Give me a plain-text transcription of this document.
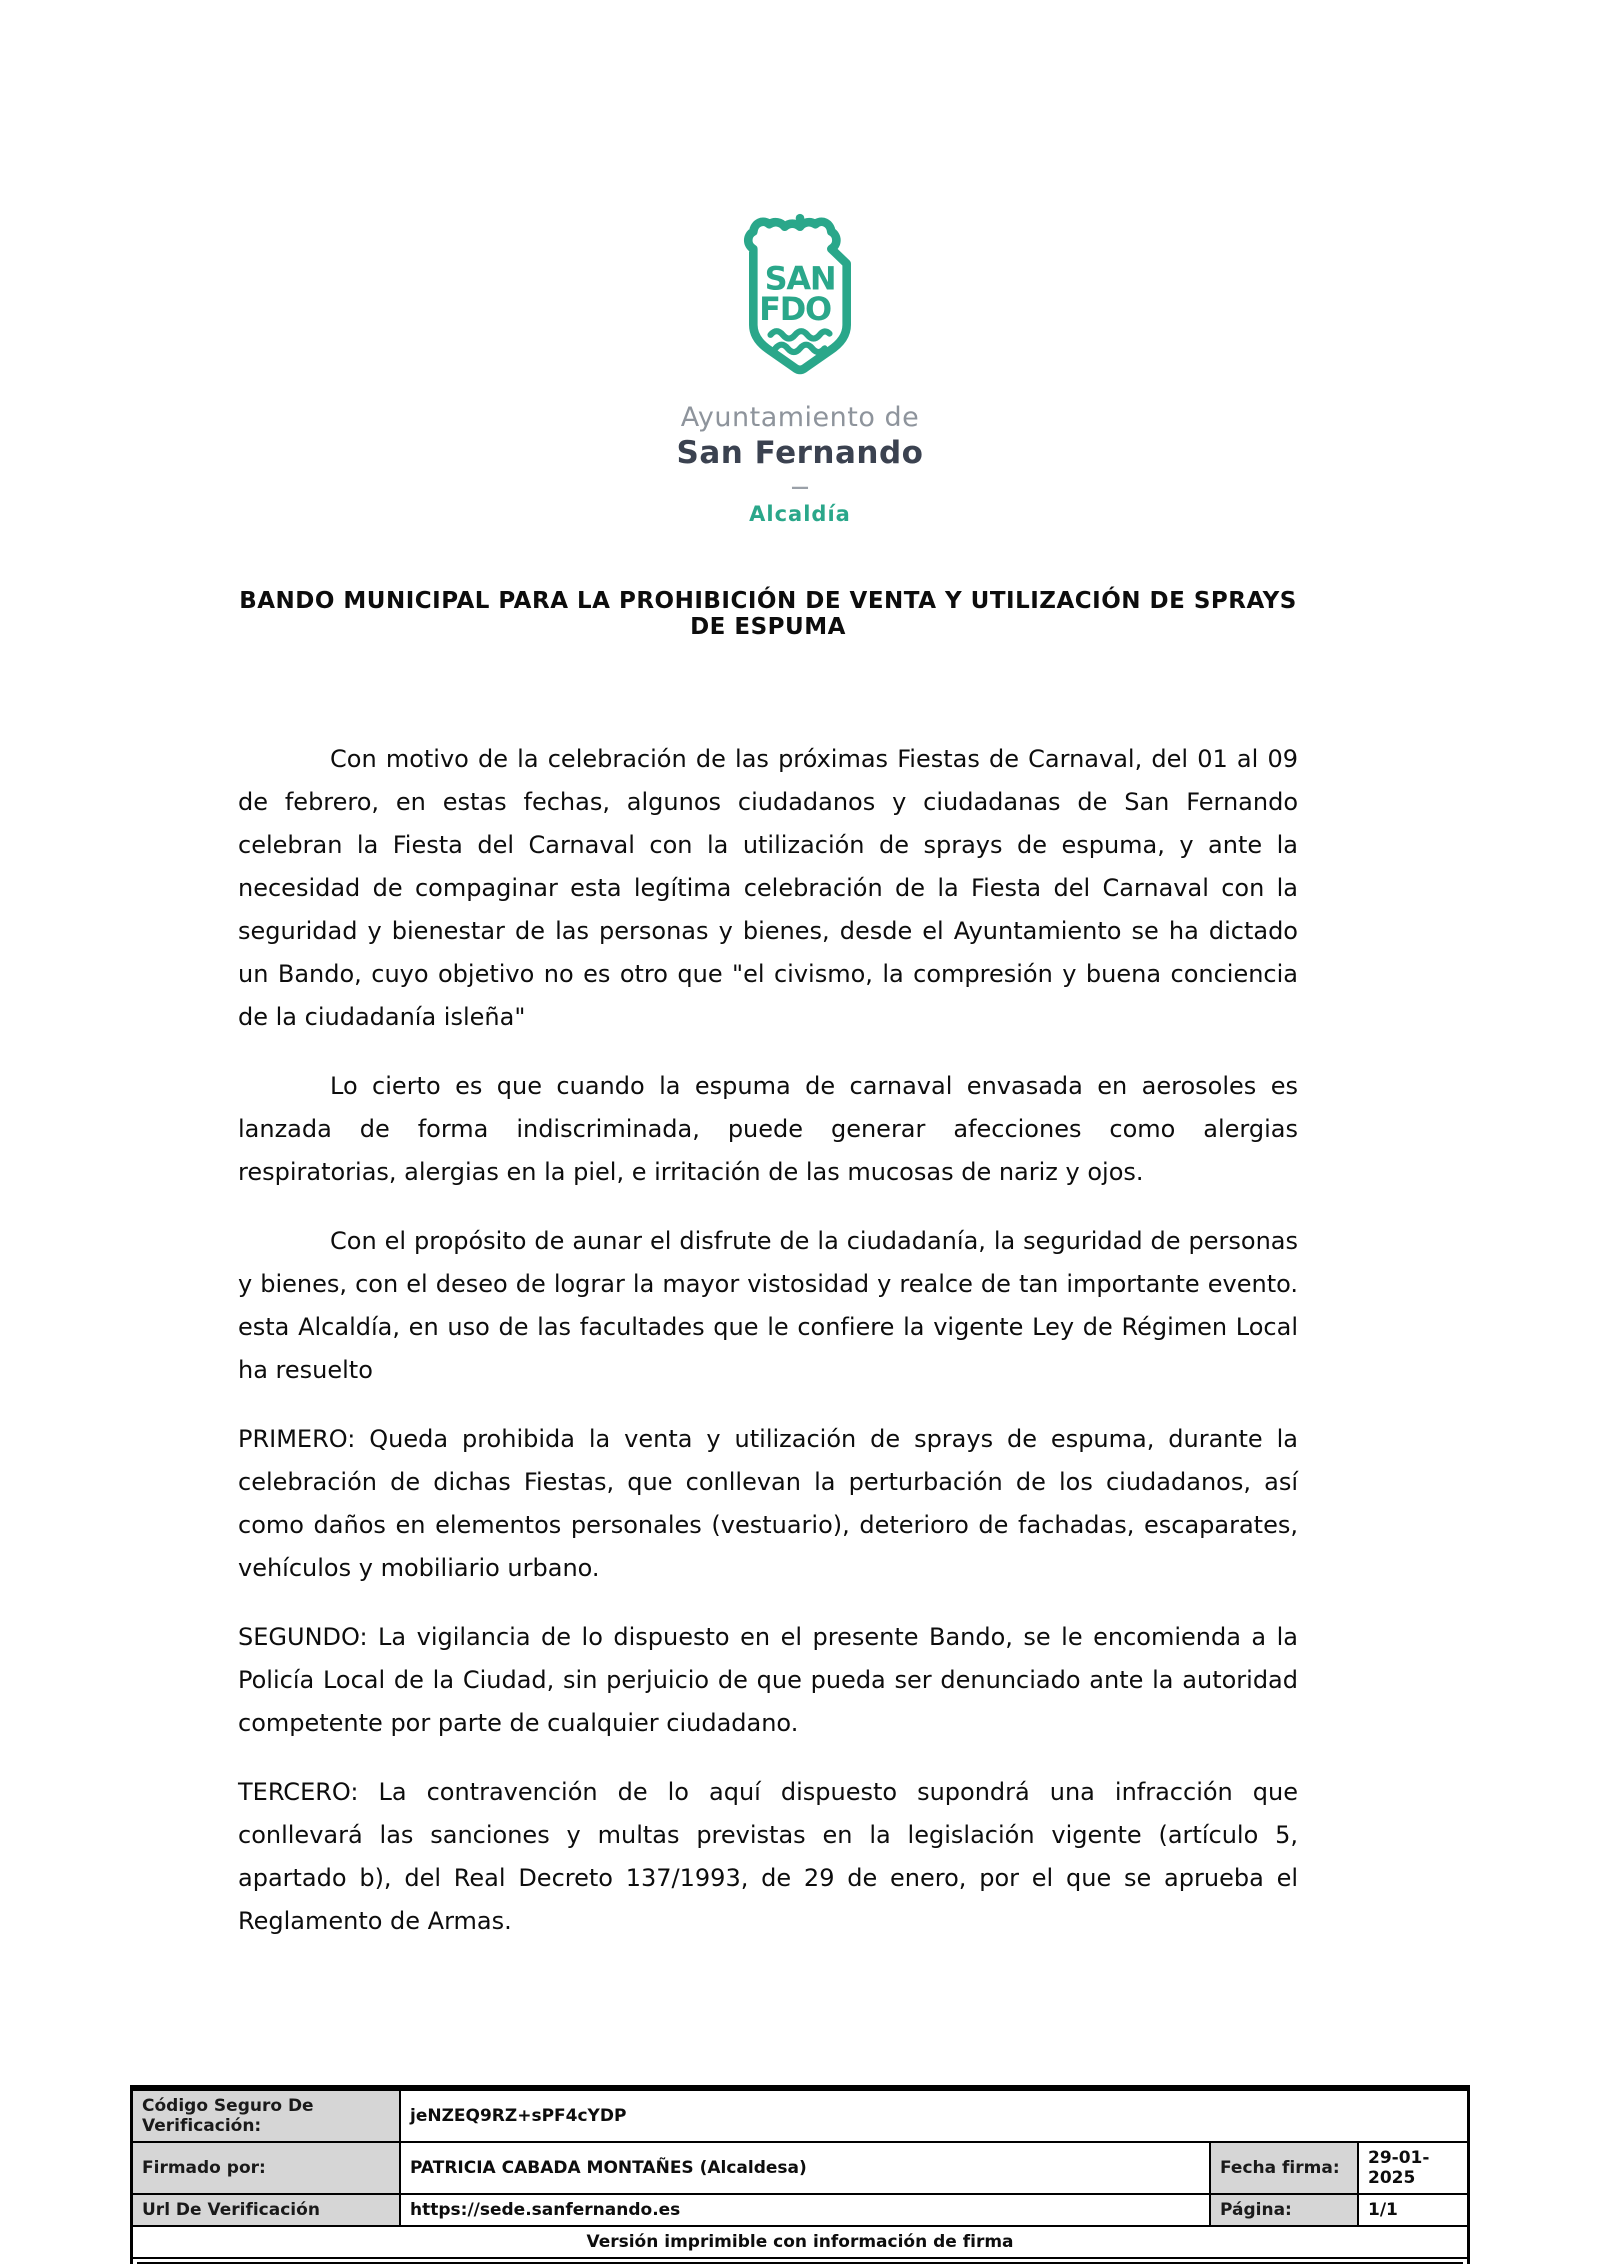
SAN
FDO
Ayuntamiento de
San Fernando
—
Alcaldía
BANDO MUNICIPAL PARA LA PROHIBICIÓN DE VENTA Y UTILIZACIÓN DE SPRAYS DE ESPUMA

Con motivo de la celebración de las próximas Fiestas de Carnaval, del 01 al 09 de febrero, en estas fechas, algunos ciudadanos y ciudadanas de San Fernando celebran la Fiesta del Carnaval con la utilización de sprays de espuma, y ante la necesidad de compaginar esta legítima celebración de la Fiesta del Carnaval con la seguridad y bienestar de las personas y bienes, desde el Ayuntamiento se ha dictado un Bando, cuyo objetivo no es otro que "el civismo, la compresión y buena conciencia de la ciudadanía isleña"

Lo cierto es que cuando la espuma de carnaval envasada en aerosoles es lanzada de forma indiscriminada, puede generar afecciones como alergias respiratorias, alergias en la piel, e irritación de las mucosas de nariz y ojos.

Con el propósito de aunar el disfrute de la ciudadanía, la seguridad de personas y bienes, con el deseo de lograr la mayor vistosidad y realce de tan importante evento. esta Alcaldía, en uso de las facultades que le confiere la vigente Ley de Régimen Local ha resuelto

PRIMERO: Queda prohibida la venta y utilización de sprays de espuma, durante la celebración de dichas Fiestas, que conllevan la perturbación de los ciudadanos, así como daños en elementos personales (vestuario), deterioro de fachadas, escaparates, vehículos y mobiliario urbano.

SEGUNDO: La vigilancia de lo dispuesto en el presente Bando, se le encomienda a la Policía Local de la Ciudad, sin perjuicio de que pueda ser denunciado ante la autoridad competente por parte de cualquier ciudadano.

TERCERO: La contravención de lo aquí dispuesto supondrá una infracción que conllevará las sanciones y multas previstas en la legislación vigente (artículo 5, apartado b), del Real Decreto 137/1993, de 29 de enero, por el que se aprueba el Reglamento de Armas.

Código Seguro De Verificación:	jeNZEQ9RZ+sPF4cYDP
Firmado por:	PATRICIA CABADA MONTAÑES (Alcaldesa)	Fecha firma:	29-01-2025
Url De Verificación	https://sede.sanfernando.es	Página:	1/1
Versión imprimible con información de firma
